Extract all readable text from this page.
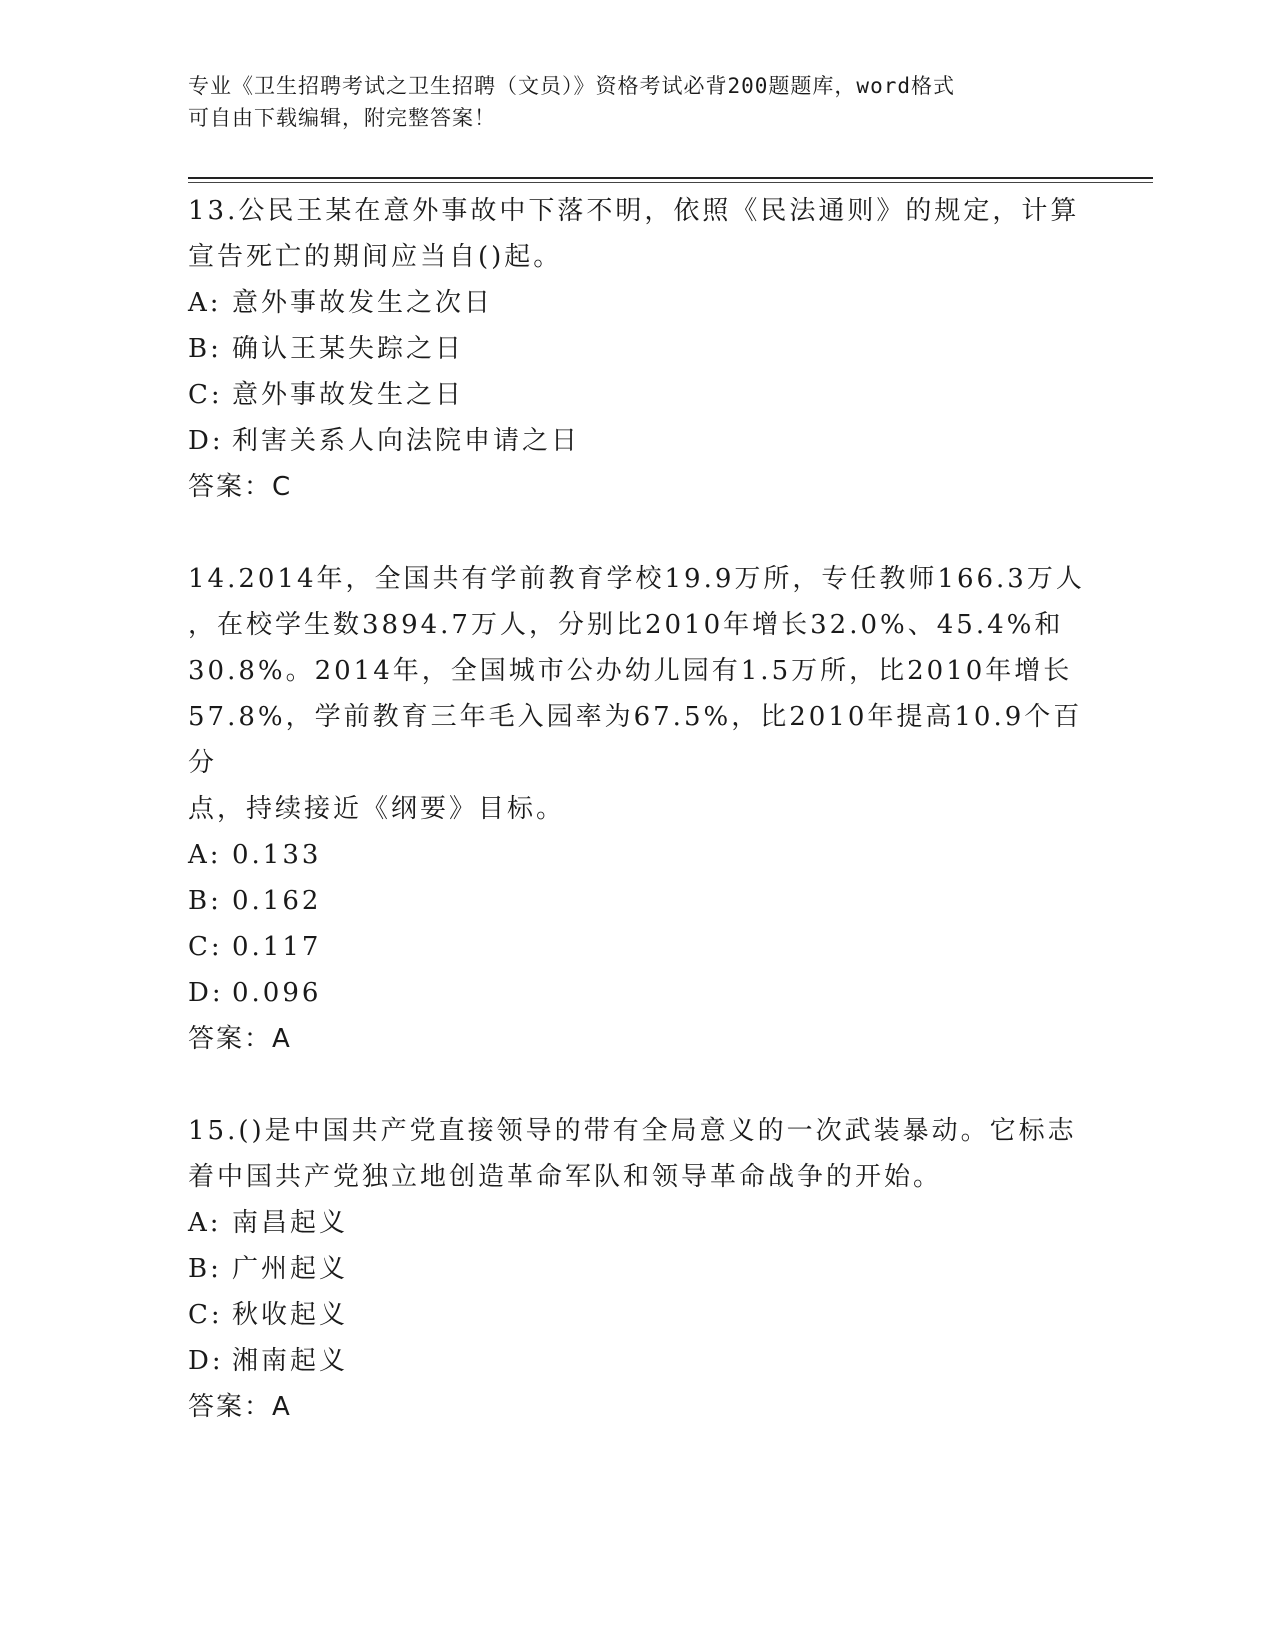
专业《卫生招聘考试之卫生招聘（文员）》资格考试必背200题题库，word格式
可自由下载编辑，附完整答案！

13.公民王某在意外事故中下落不明，依照《民法通则》的规定，计算

宣告死亡的期间应当自()起。

A: 意外事故发生之次日

B: 确认王某失踪之日

C: 意外事故发生之日

D: 利害关系人向法院申请之日

答案：C

14.2014年，全国共有学前教育学校19.9万所，专任教师166.3万人

，在校学生数3894.7万人，分别比2010年增长32.0%、45.4%和

30.8%。2014年，全国城市公办幼儿园有1.5万所，比2010年增长

57.8%，学前教育三年毛入园率为67.5%，比2010年提高10.9个百分

点，持续接近《纲要》目标。

A: 0.133

B: 0.162

C: 0.117

D: 0.096

答案：A

15.()是中国共产党直接领导的带有全局意义的一次武装暴动。它标志

着中国共产党独立地创造革命军队和领导革命战争的开始。

A: 南昌起义

B: 广州起义

C: 秋收起义

D: 湘南起义

答案：A
